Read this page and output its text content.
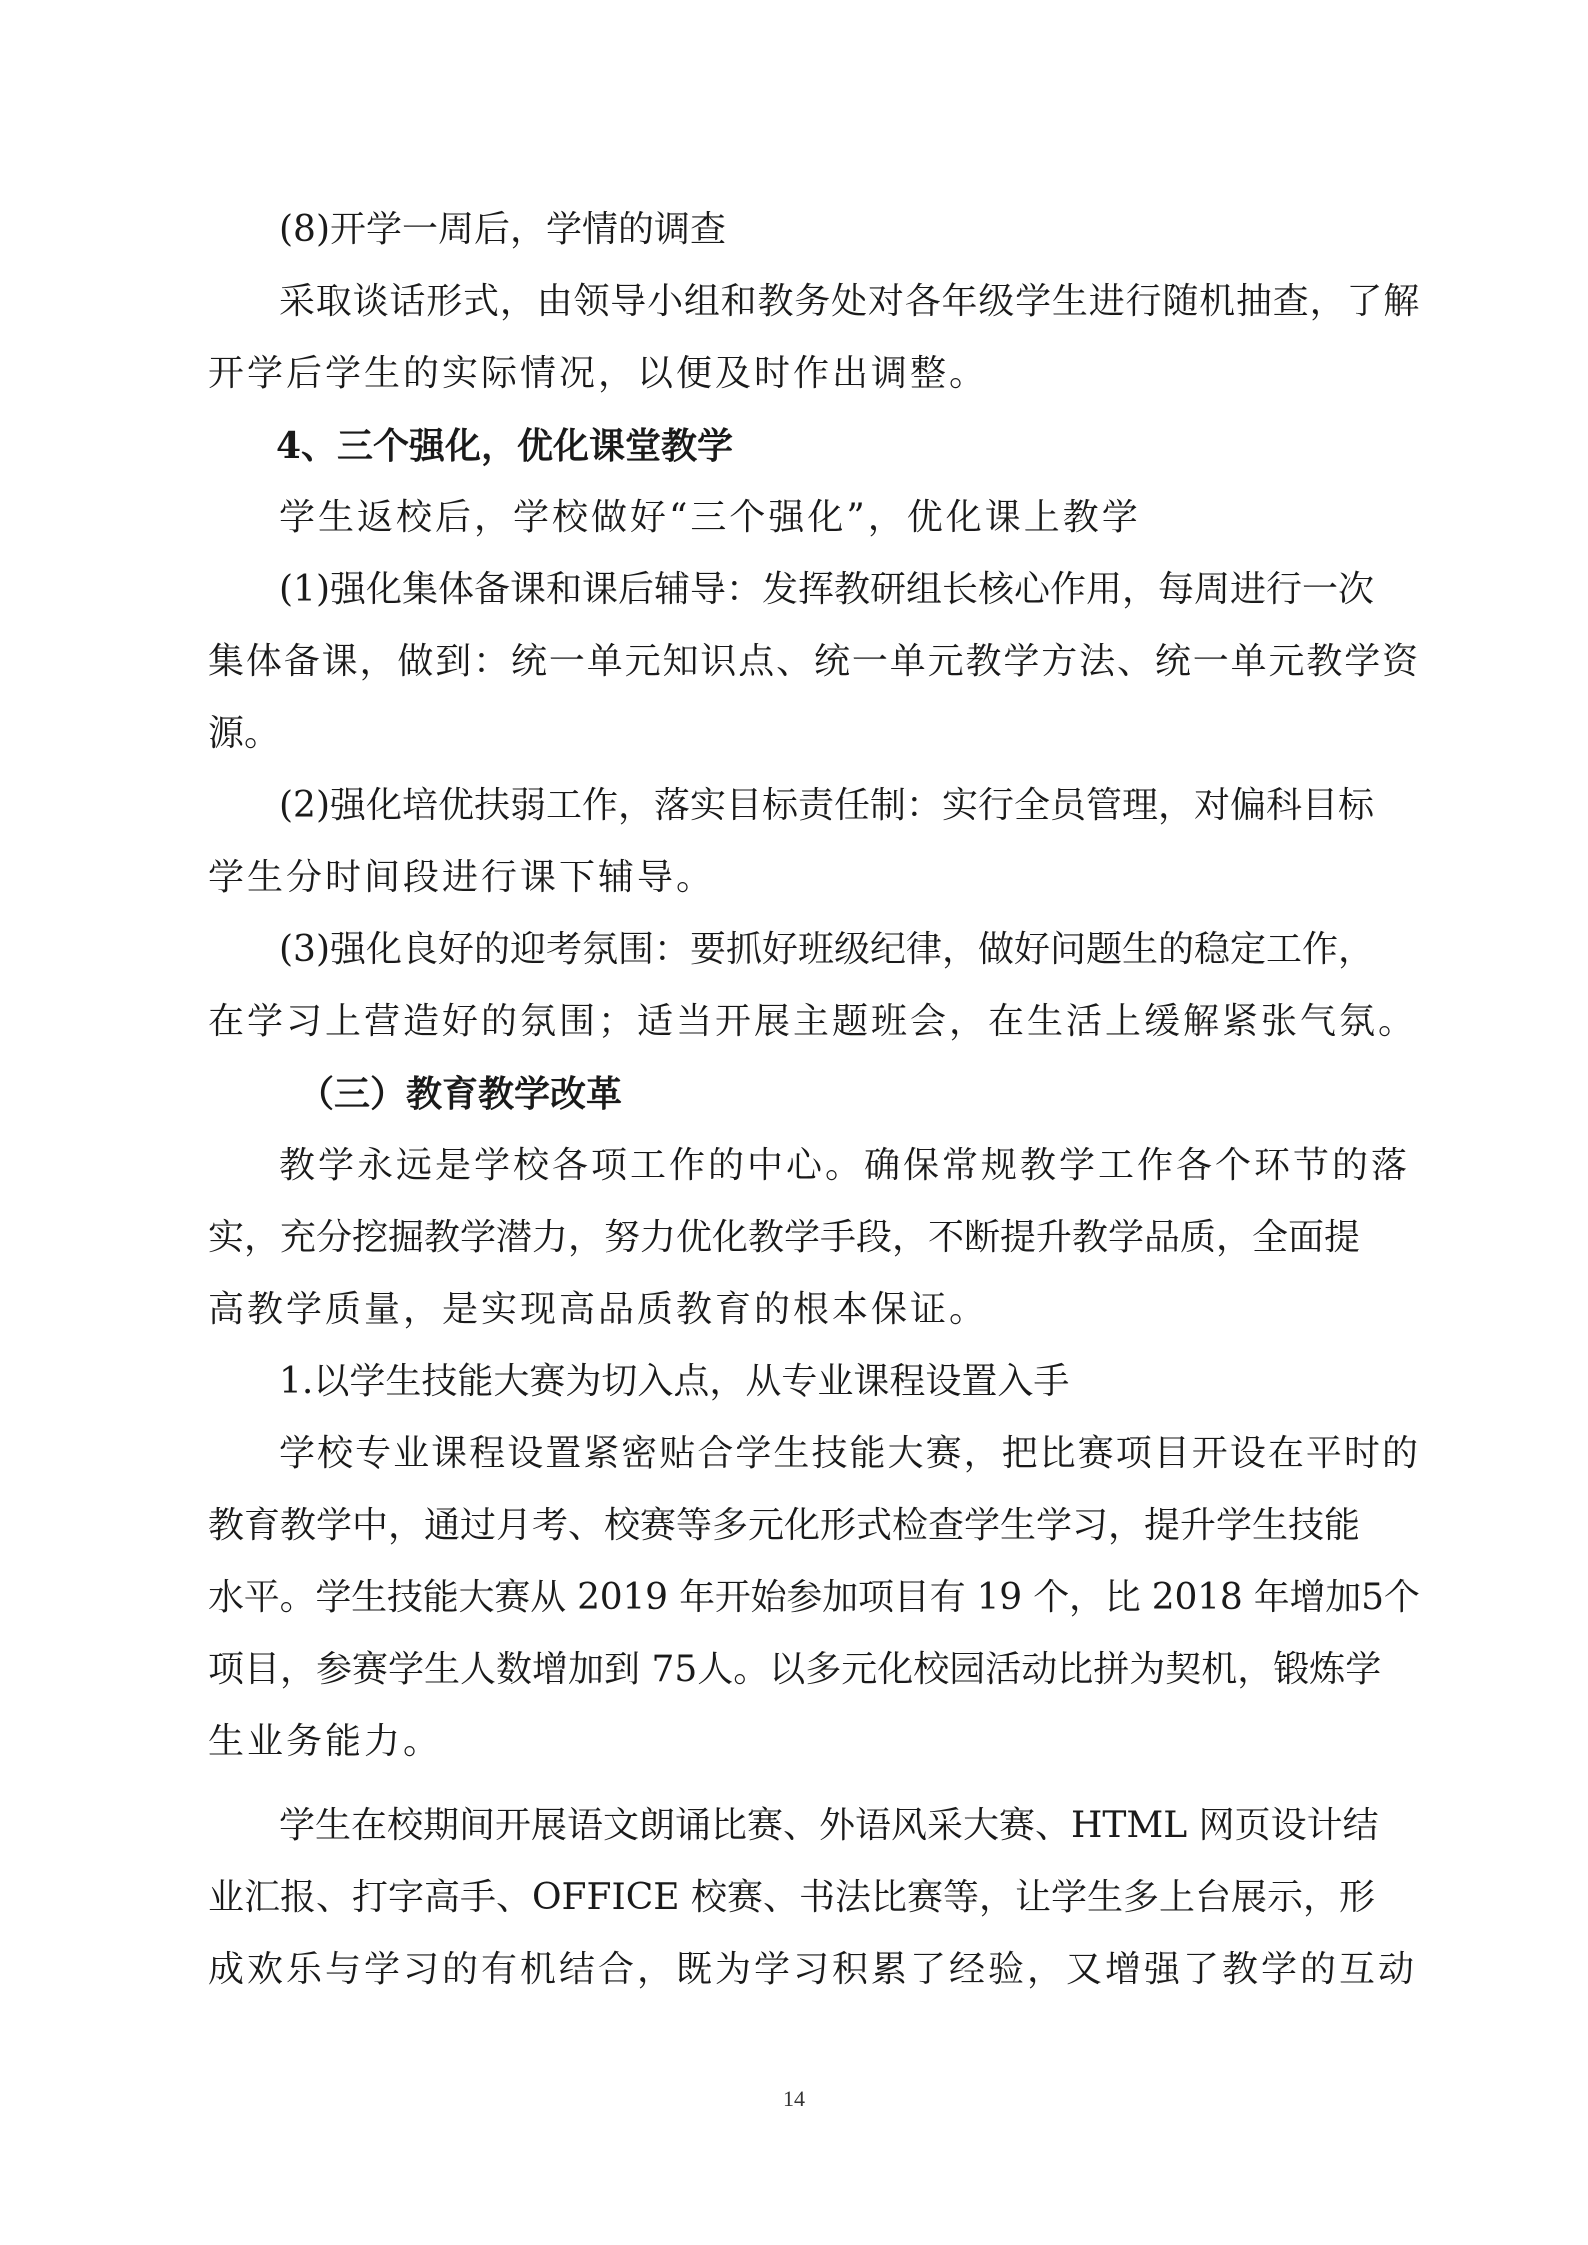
(8)开学一周后，学情的调查
采取谈话形式，由领导小组和教务处对各年级学生进行随机抽查，了解
开学后学生的实际情况，以便及时作出调整。
4、三个强化，优化课堂教学
学生返校后，学校做好“三个强化”，优化课上教学
(1)强化集体备课和课后辅导：发挥教研组长核心作用，每周进行一次
集体备课，做到：统一单元知识点、统一单元教学方法、统一单元教学资
源。
(2)强化培优扶弱工作，落实目标责任制：实行全员管理，对偏科目标
学生分时间段进行课下辅导。
(3)强化良好的迎考氛围：要抓好班级纪律，做好问题生的稳定工作，
在学习上营造好的氛围；适当开展主题班会，在生活上缓解紧张气氛。
（三）教育教学改革
教学永远是学校各项工作的中心。确保常规教学工作各个环节的落
实，充分挖掘教学潜力，努力优化教学手段，不断提升教学品质，全面提
高教学质量，是实现高品质教育的根本保证。
1.以学生技能大赛为切入点，从专业课程设置入手
学校专业课程设置紧密贴合学生技能大赛，把比赛项目开设在平时的
教育教学中，通过月考、校赛等多元化形式检查学生学习，提升学生技能
水平。学生技能大赛从 2019 年开始参加项目有 19 个，比 2018 年增加5个
项目，参赛学生人数增加到 75人。以多元化校园活动比拼为契机，锻炼学
生业务能力。
学生在校期间开展语文朗诵比赛、外语风采大赛、HTML 网页设计结
业汇报、打字高手、OFFICE 校赛、书法比赛等，让学生多上台展示，形
成欢乐与学习的有机结合，既为学习积累了经验，又增强了教学的互动
14
